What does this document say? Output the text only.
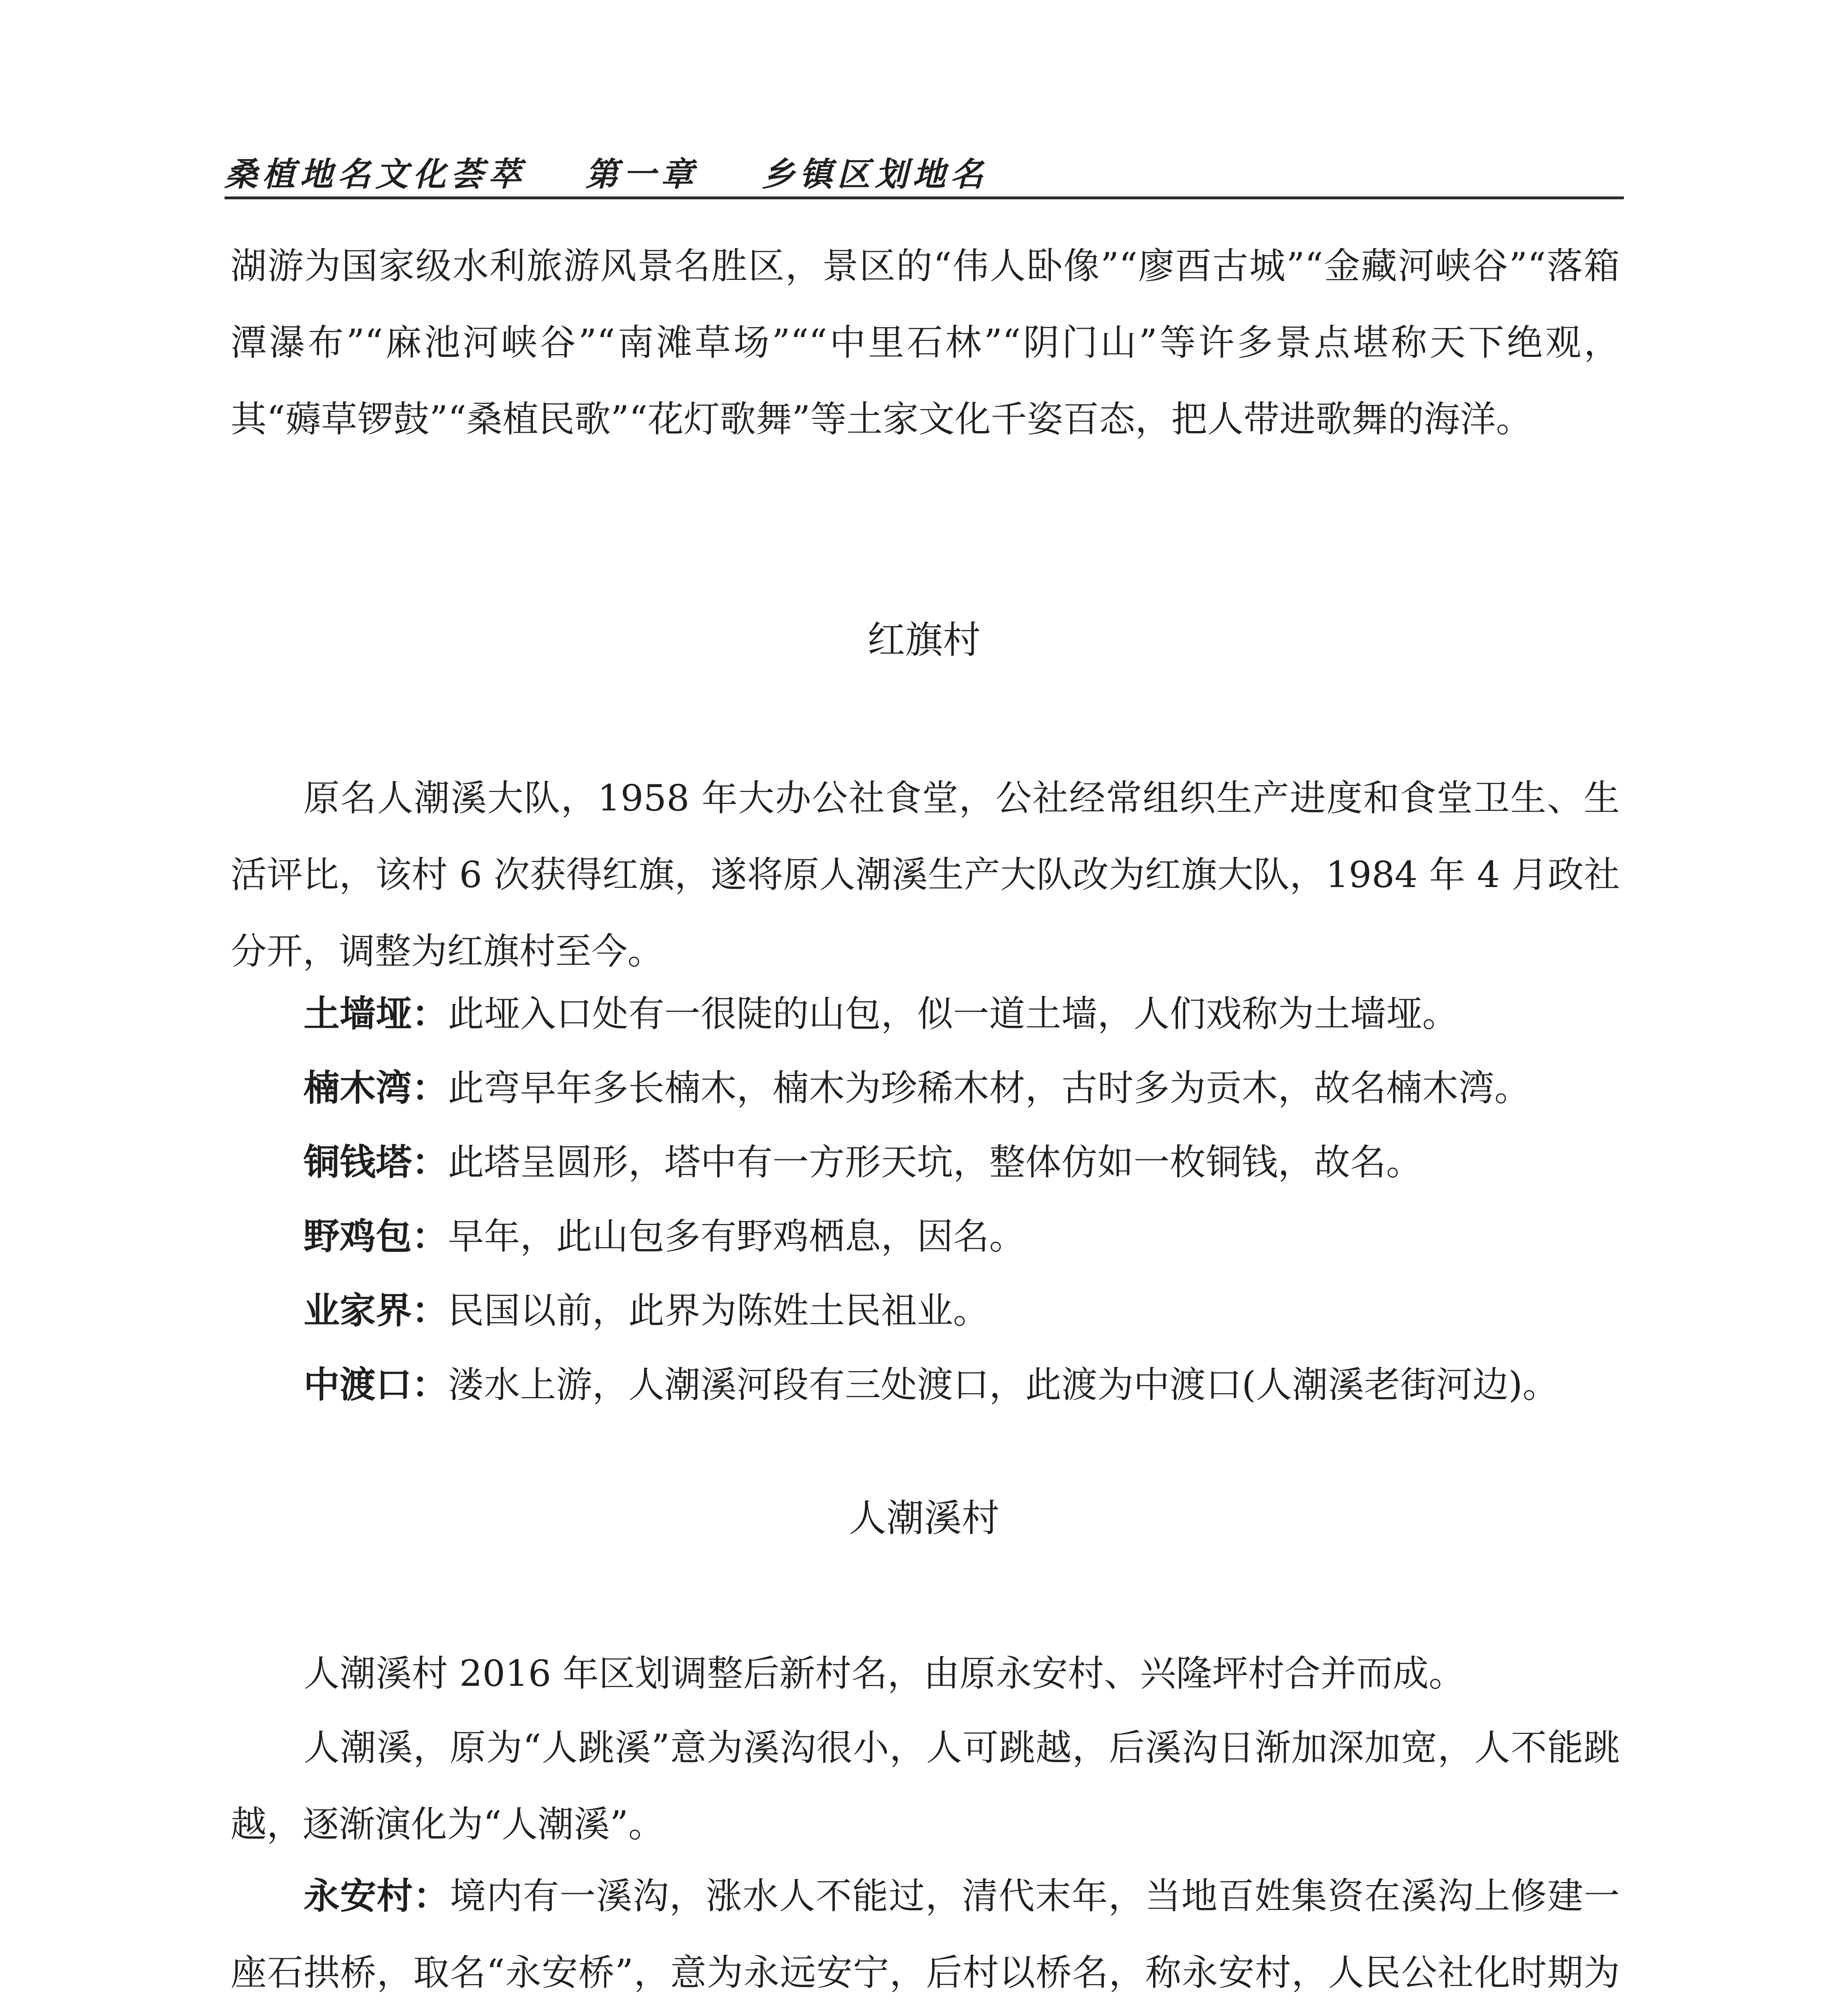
桑植地名文化荟萃 第一章 乡镇区划地名
湖游为国家级水利旅游风景名胜区，景区的“伟人卧像”“廖酉古城”“金藏河峡谷”“落箱潭瀑布”“麻池河峡谷”“南滩草场”““中里石林”“阴门山”等许多景点堪称天下绝观，其“薅草锣鼓”“桑植民歌”“花灯歌舞”等土家文化千姿百态，把人带进歌舞的海洋。
红旗村
原名人潮溪大队，1958 年大办公社食堂，公社经常组织生产进度和食堂卫生、生活评比，该村 6 次获得红旗，遂将原人潮溪生产大队改为红旗大队，1984 年 4 月政社分开，调整为红旗村至今。
土墙垭：此垭入口处有一很陡的山包，似一道土墙，人们戏称为土墙垭。
楠木湾：此弯早年多长楠木，楠木为珍稀木材，古时多为贡木，故名楠木湾。
铜钱塔：此塔呈圆形，塔中有一方形天坑，整体仿如一枚铜钱，故名。
野鸡包：早年，此山包多有野鸡栖息，因名。
业家界：民国以前，此界为陈姓土民祖业。
中渡口：溇水上游，人潮溪河段有三处渡口，此渡为中渡口(人潮溪老街河边)。
人潮溪村
人潮溪村 2016 年区划调整后新村名，由原永安村、兴隆坪村合并而成。
人潮溪，原为“人跳溪”意为溪沟很小，人可跳越，后溪沟日渐加深加宽，人不能跳越，逐渐演化为“人潮溪”。
永安村：境内有一溪沟，涨水人不能过，清代末年，当地百姓集资在溪沟上修建一座石拱桥，取名“永安桥”，意为永远安宁，后村以桥名，称永安村，人民公社化时期为
